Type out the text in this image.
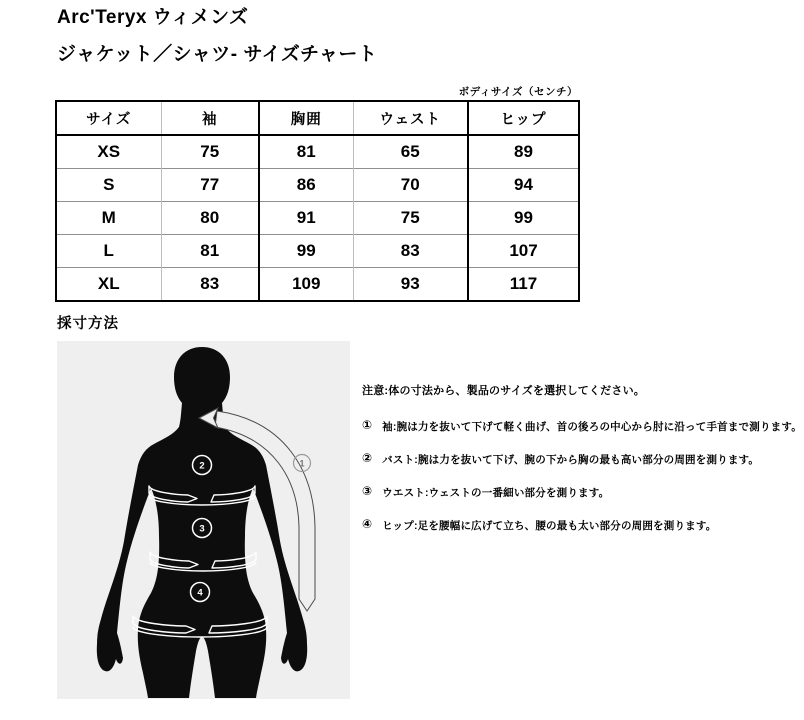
Arc'Teryx ウィメンズ
ジャケット／シャツ- サイズチャート
ボディサイズ（センチ）
サイズ	袖	胸囲	ウェスト	ヒップ
XS	75	81	65	89
S	77	86	70	94
M	80	91	75	99
L	81	99	83	107
XL	83	109	93	117
採寸方法
1
2
3
4
注意:体の寸法から、製品のサイズを選択してください。
① 袖:腕は力を抜いて下げて軽く曲げ、首の後ろの中心から肘に沿って手首まで測ります。
② バスト:腕は力を抜いて下げ、腕の下から胸の最も高い部分の周囲を測ります。
③ ウエスト:ウェストの一番細い部分を測ります。
④ ヒップ:足を腰幅に広げて立ち、腰の最も太い部分の周囲を測ります。
